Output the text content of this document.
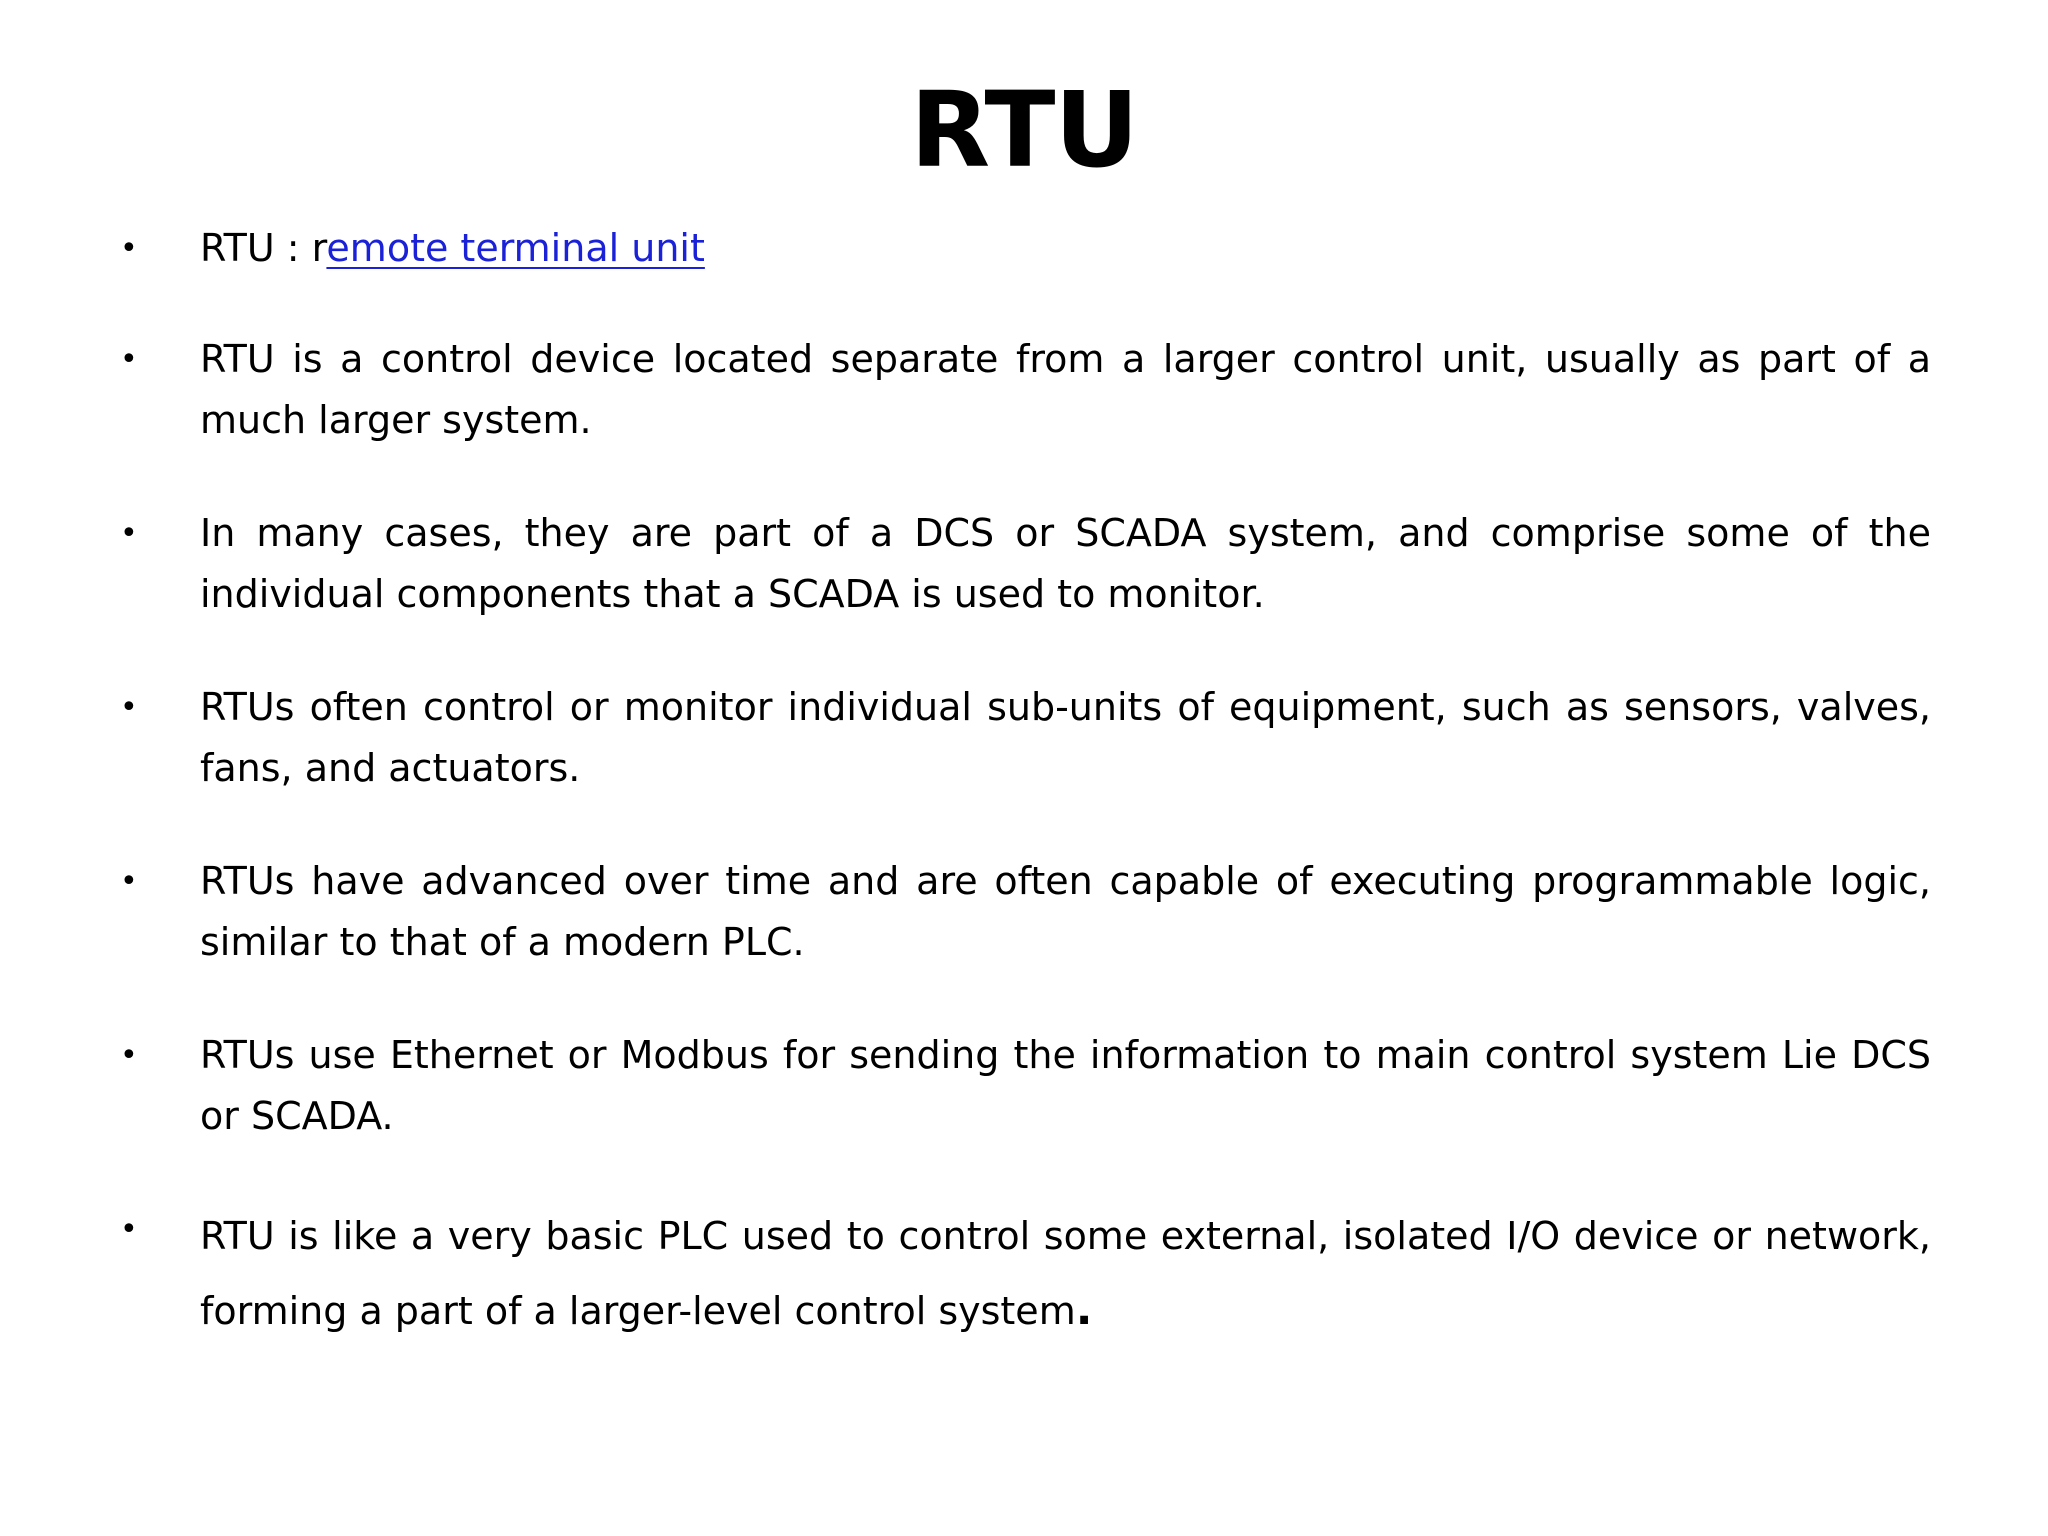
RTU
• RTU : remote terminal unit
• RTU is a control device located separate from a larger control unit, usually as part of a much larger system.
• In many cases, they are part of a DCS or SCADA system, and comprise some of the individual components that a SCADA is used to monitor.
• RTUs often control or monitor individual sub-units of equipment, such as sensors, valves, fans, and actuators.
• RTUs have advanced over time and are often capable of executing programmable logic, similar to that of a modern PLC.
• RTUs use Ethernet or Modbus for sending the information to main control system Lie DCS or SCADA.
• RTU is like a very basic PLC used to control some external, isolated I/O device or network, forming a part of a larger-level control system.
